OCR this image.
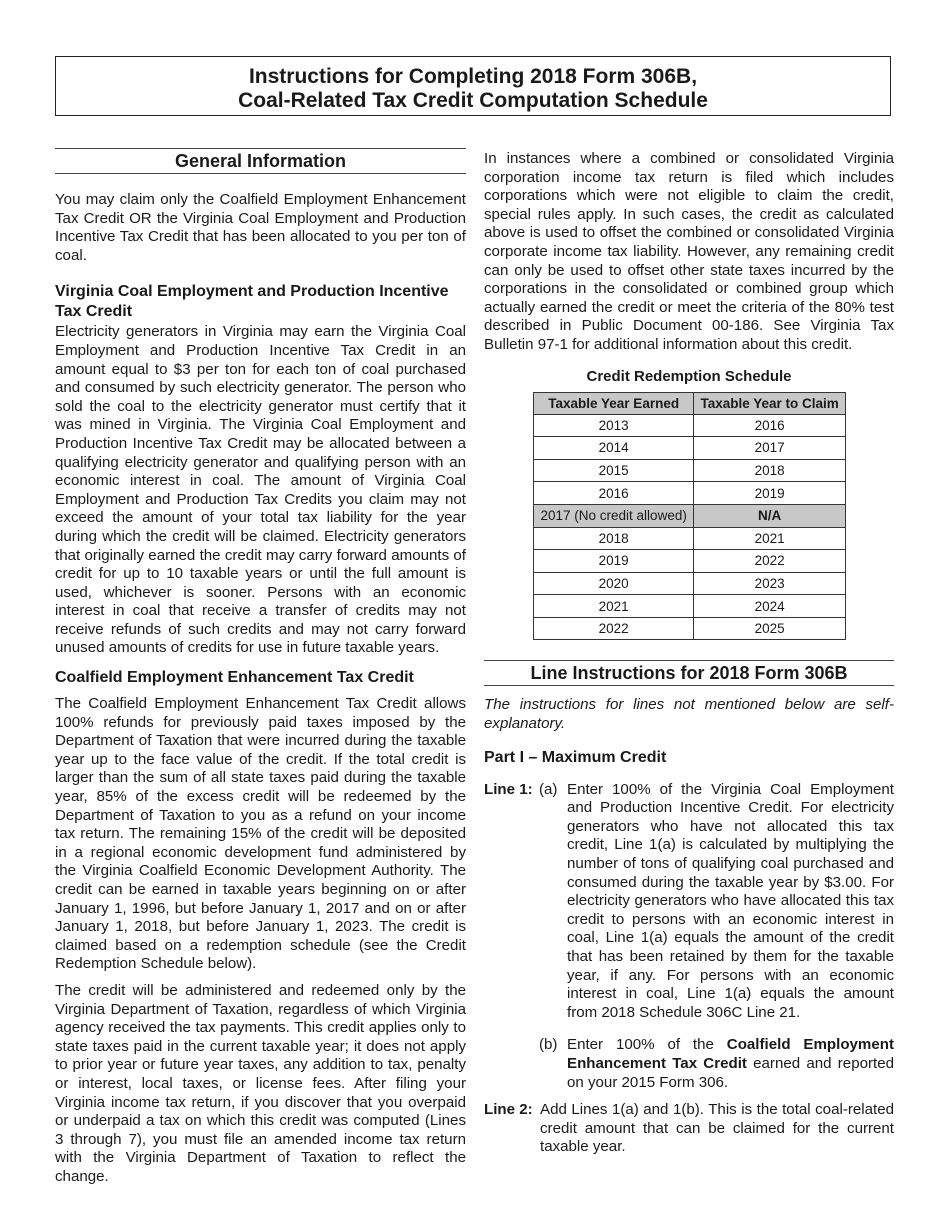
Instructions for Completing 2018 Form 306B,
Coal-Related Tax Credit Computation Schedule
General Information

You may claim only the Coalfield Employment Enhancement Tax Credit OR the Virginia Coal Employment and Production Incentive Tax Credit that has been allocated to you per ton of coal.

Virginia Coal Employment and Production Incentive Tax Credit

Electricity generators in Virginia may earn the Virginia Coal Employment and Production Incentive Tax Credit in an amount equal to $3 per ton for each ton of coal purchased and consumed by such electricity generator. The person who sold the coal to the electricity generator must certify that it was mined in Virginia. The Virginia Coal Employment and Production Incentive Tax Credit may be allocated between a qualifying electricity generator and qualifying person with an economic interest in coal. The amount of Virginia Coal Employment and Production Tax Credits you claim may not exceed the amount of your total tax liability for the year during which the credit will be claimed. Electricity generators that originally earned the credit may carry forward amounts of credit for up to 10 taxable years or until the full amount is used, whichever is sooner. Persons with an economic interest in coal that receive a transfer of credits may not receive refunds of such credits and may not carry forward unused amounts of credits for use in future taxable years.

Coalfield Employment Enhancement Tax Credit

The Coalfield Employment Enhancement Tax Credit allows 100% refunds for previously paid taxes imposed by the Department of Taxation that were incurred during the taxable year up to the face value of the credit. If the total credit is larger than the sum of all state taxes paid during the taxable year, 85% of the excess credit will be redeemed by the Department of Taxation to you as a refund on your income tax return. The remaining 15% of the credit will be deposited in a regional economic development fund administered by the Virginia Coalfield Economic Development Authority. The credit can be earned in taxable years beginning on or after January 1, 1996, but before January 1, 2017 and on or after January 1, 2018, but before January 1, 2023. The credit is claimed based on a redemption schedule (see the Credit Redemption Schedule below).

The credit will be administered and redeemed only by the Virginia Department of Taxation, regardless of which Virginia agency received the tax payments. This credit applies only to state taxes paid in the current taxable year; it does not apply to prior year or future year taxes, any addition to tax, penalty or interest, local taxes, or license fees. After filing your Virginia income tax return, if you discover that you overpaid or underpaid a tax on which this credit was computed (Lines 3 through 7), you must file an amended income tax return with the Virginia Department of Taxation to reflect the change.

In instances where a combined or consolidated Virginia corporation income tax return is filed which includes corporations which were not eligible to claim the credit, special rules apply. In such cases, the credit as calculated above is used to offset the combined or consolidated Virginia corporate income tax liability. However, any remaining credit can only be used to offset other state taxes incurred by the corporations in the consolidated or combined group which actually earned the credit or meet the criteria of the 80% test described in Public Document 00-186. See Virginia Tax Bulletin 97-1 for additional information about this credit.

Credit Redemption Schedule
Taxable Year Earned	Taxable Year to Claim
2013	2016
2014	2017
2015	2018
2016	2019
2017 (No credit allowed)	N/A
2018	2021
2019	2022
2020	2023
2021	2024
2022	2025
Line Instructions for 2018 Form 306B

The instructions for lines not mentioned below are self-explanatory.

Part I – Maximum Credit
Line 1: (a) Enter 100% of the Virginia Coal Employment and Production Incentive Credit. For electricity generators who have not allocated this tax credit, Line 1(a) is calculated by multiplying the number of tons of qualifying coal purchased and consumed during the taxable year by $3.00. For electricity generators who have allocated this tax credit to persons with an economic interest in coal, Line 1(a) equals the amount of the credit that has been retained by them for the taxable year, if any. For persons with an economic interest in coal, Line 1(a) equals the amount from 2018 Schedule 306C Line 21.

(b) Enter 100% of the Coalfield Employment Enhancement Tax Credit earned and reported on your 2015 Form 306.

Line 2: Add Lines 1(a) and 1(b). This is the total coal-related credit amount that can be claimed for the current taxable year.
